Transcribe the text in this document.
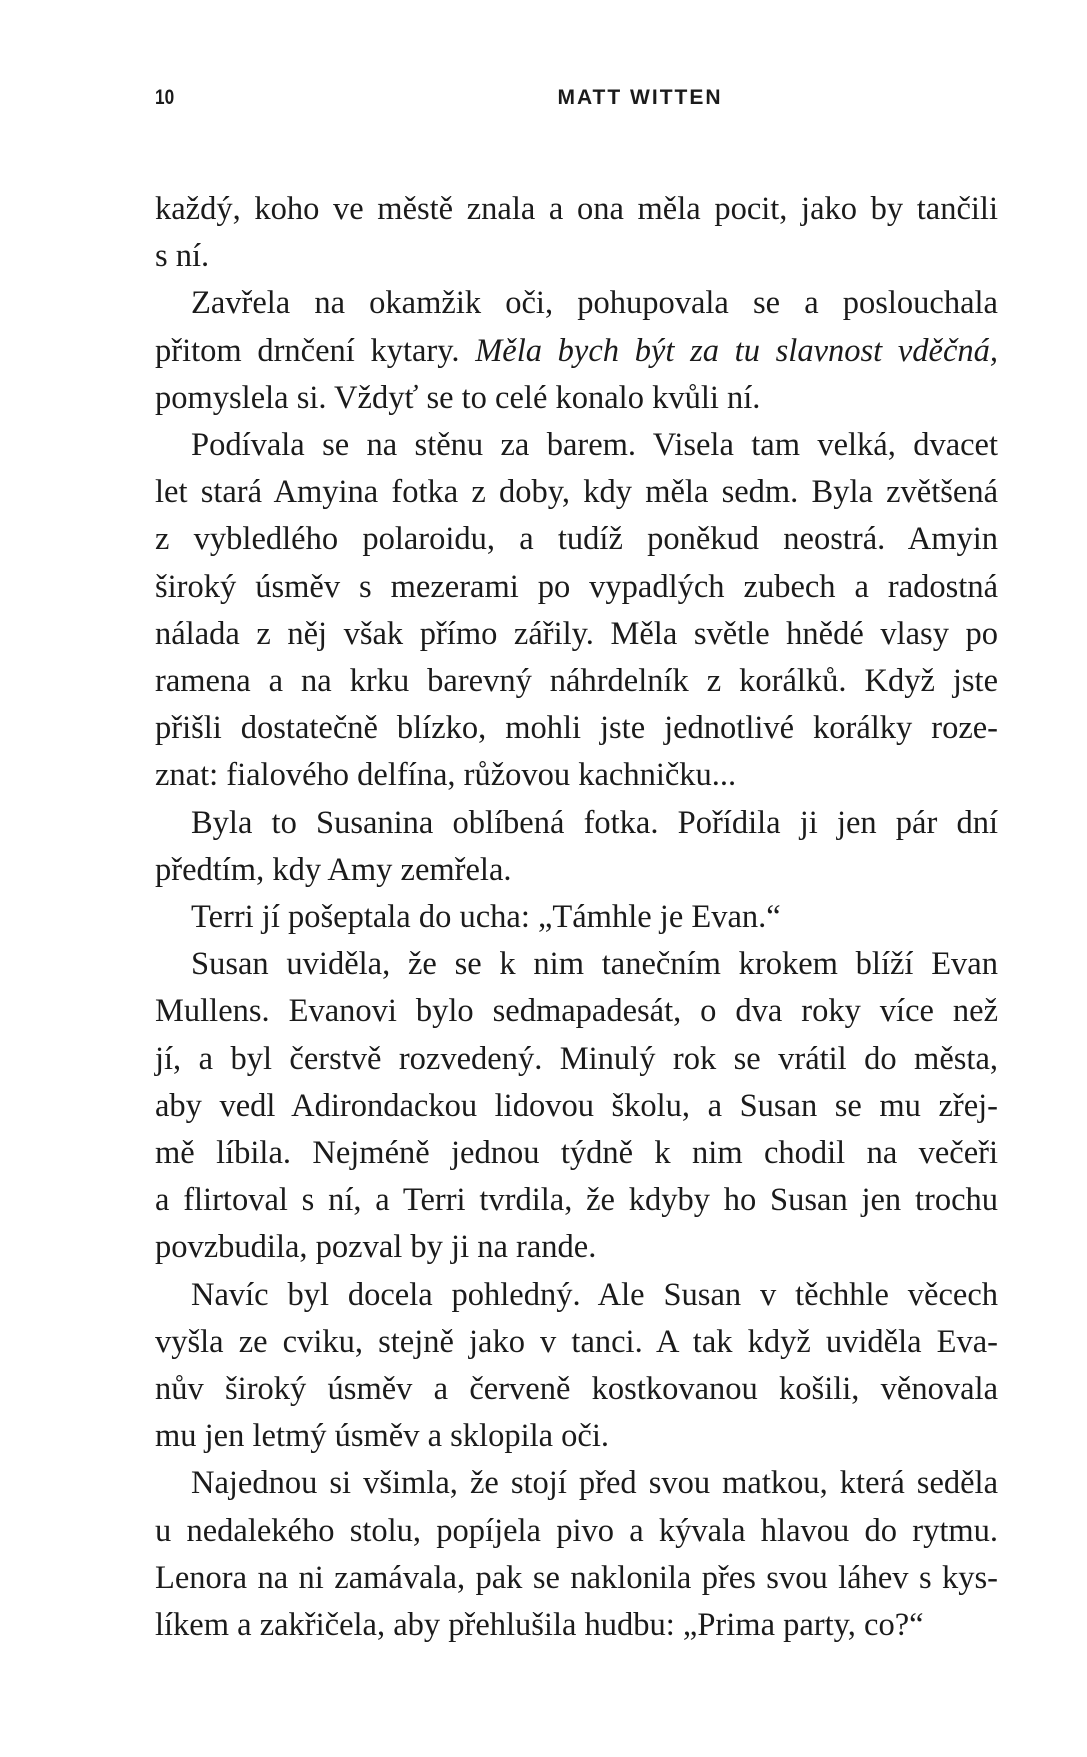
10	MATT WITTEN
každý, koho ve městě znala a ona měla pocit, jako by tančili
s ní.
Zavřela na okamžik oči, pohupovala se a poslouchala
přitom drnčení kytary. Měla bych být za tu slavnost vděčná,
pomyslela si. Vždyť se to celé konalo kvůli ní.
Podívala se na stěnu za barem. Visela tam velká, dvacet
let stará Amyina fotka z doby, kdy měla sedm. Byla zvětšená
z vybledlého polaroidu, a tudíž poněkud neostrá. Amyin
široký úsměv s mezerami po vypadlých zubech a radostná
nálada z něj však přímo zářily. Měla světle hnědé vlasy po
ramena a na krku barevný náhrdelník z korálků. Když jste
přišli dostatečně blízko, mohli jste jednotlivé korálky roze-
znat: fialového delfína, růžovou kachničku...
Byla to Susanina oblíbená fotka. Pořídila ji jen pár dní
předtím, kdy Amy zemřela.
Terri jí pošeptala do ucha: „Támhle je Evan.“
Susan uviděla, že se k nim tanečním krokem blíží Evan
Mullens. Evanovi bylo sedmapadesát, o dva roky více než
jí, a byl čerstvě rozvedený. Minulý rok se vrátil do města,
aby vedl Adirondackou lidovou školu, a Susan se mu zřej-
mě líbila. Nejméně jednou týdně k nim chodil na večeři
a flirtoval s ní, a Terri tvrdila, že kdyby ho Susan jen trochu
povzbudila, pozval by ji na rande.
Navíc byl docela pohledný. Ale Susan v těchhle věcech
vyšla ze cviku, stejně jako v tanci. A tak když uviděla Eva-
nův široký úsměv a červeně kostkovanou košili, věnovala
mu jen letmý úsměv a sklopila oči.
Najednou si všimla, že stojí před svou matkou, která seděla
u nedalekého stolu, popíjela pivo a kývala hlavou do rytmu.
Lenora na ni zamávala, pak se naklonila přes svou láhev s kys-
líkem a zakřičela, aby přehlušila hudbu: „Prima party, co?“
